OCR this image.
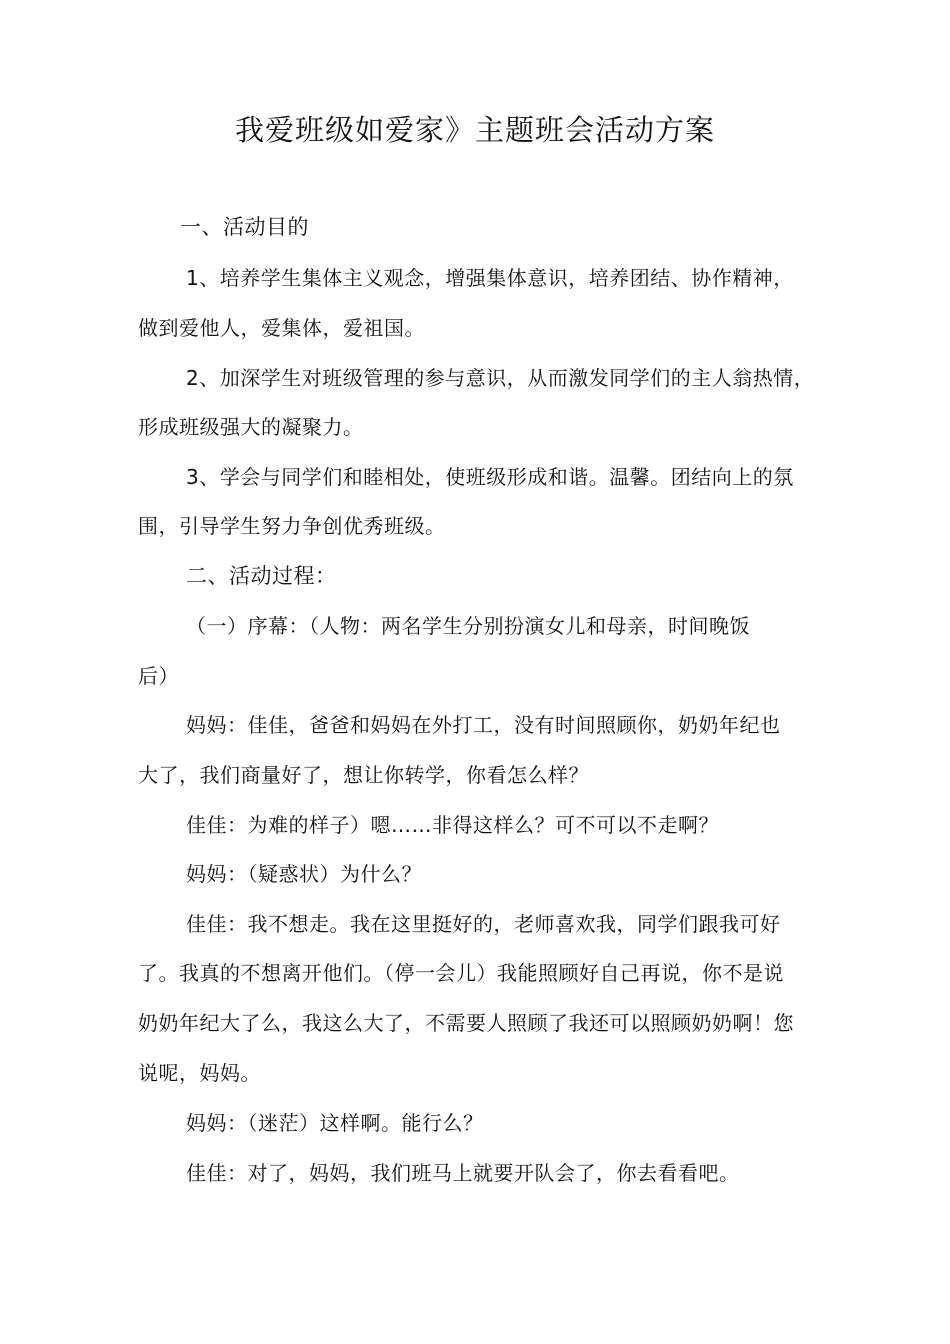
我爱班级如爱家》主题班会活动方案
一、活动目的
1、培养学生集体主义观念，增强集体意识，培养团结、协作精神，
做到爱他人，爱集体，爱祖国。
2、加深学生对班级管理的参与意识，从而激发同学们的主人翁热情，
形成班级强大的凝聚力。
3、学会与同学们和睦相处，使班级形成和谐。温馨。团结向上的氛
围，引导学生努力争创优秀班级。
二、活动过程：
（一）序幕：（人物：两名学生分别扮演女儿和母亲，时间晚饭
后）
妈妈：佳佳，爸爸和妈妈在外打工，没有时间照顾你，奶奶年纪也
大了，我们商量好了，想让你转学，你看怎么样？
佳佳：为难的样子）嗯……非得这样么？可不可以不走啊？
妈妈：（疑惑状）为什么？
佳佳：我不想走。我在这里挺好的，老师喜欢我，同学们跟我可好
了。我真的不想离开他们。（停一会儿）我能照顾好自己再说，你不是说
奶奶年纪大了么，我这么大了，不需要人照顾了我还可以照顾奶奶啊！您
说呢，妈妈。
妈妈：（迷茫）这样啊。能行么？
佳佳：对了，妈妈，我们班马上就要开队会了，你去看看吧。
